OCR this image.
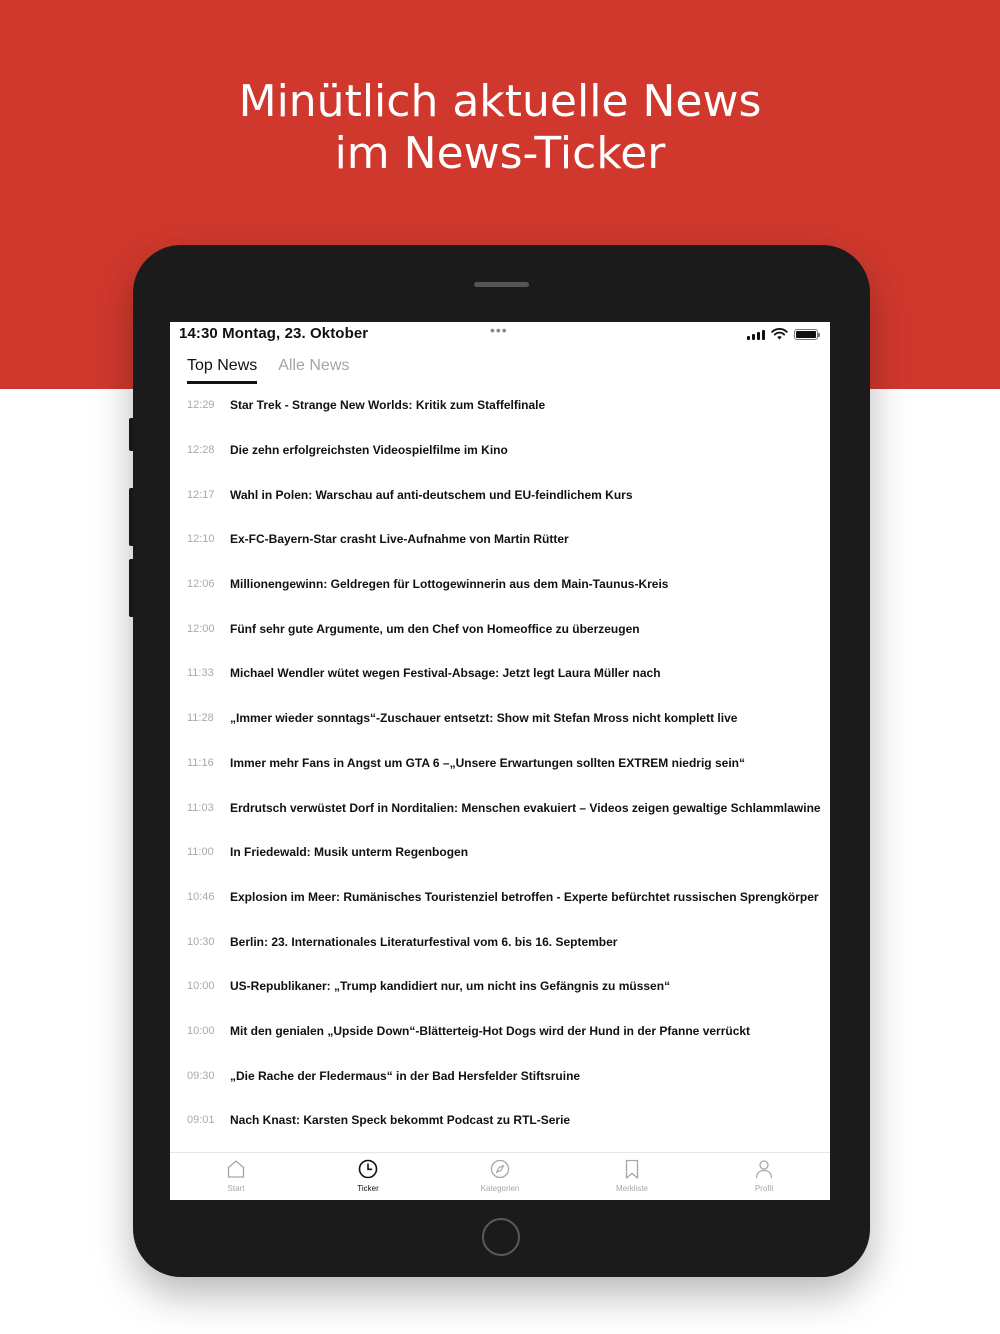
Minütlich aktuelle News
im News-Ticker
14:30 Montag, 23. Oktober	•••
Top News Alle News
12:29	Star Trek - Strange New Worlds: Kritik zum Staffelfinale
12:28	Die zehn erfolgreichsten Videospielfilme im Kino
12:17	Wahl in Polen: Warschau auf anti-deutschem und EU-feindlichem Kurs
12:10	Ex-FC-Bayern-Star crasht Live-Aufnahme von Martin Rütter
12:06	Millionengewinn: Geldregen für Lottogewinnerin aus dem Main-Taunus-Kreis
12:00	Fünf sehr gute Argumente, um den Chef von Homeoffice zu überzeugen
11:33	Michael Wendler wütet wegen Festival-Absage: Jetzt legt Laura Müller nach
11:28	„Immer wieder sonntags“-Zuschauer entsetzt: Show mit Stefan Mross nicht komplett live
11:16	Immer mehr Fans in Angst um GTA 6 –„Unsere Erwartungen sollten EXTREM niedrig sein“
11:03	Erdrutsch verwüstet Dorf in Norditalien: Menschen evakuiert – Videos zeigen gewaltige Schlammlawine
11:00	In Friedewald: Musik unterm Regenbogen
10:46	Explosion im Meer: Rumänisches Touristenziel betroffen - Experte befürchtet russischen Sprengkörper
10:30	Berlin: 23. Internationales Literaturfestival vom 6. bis 16. September
10:00	US-Republikaner: „Trump kandidiert nur, um nicht ins Gefängnis zu müssen“
10:00	Mit den genialen „Upside Down“-Blätterteig-Hot Dogs wird der Hund in der Pfanne verrückt
09:30	„Die Rache der Fledermaus“ in der Bad Hersfelder Stiftsruine
09:01	Nach Knast: Karsten Speck bekommt Podcast zu RTL-Serie
Start	Ticker	Kategorien	Merkliste	Profil
